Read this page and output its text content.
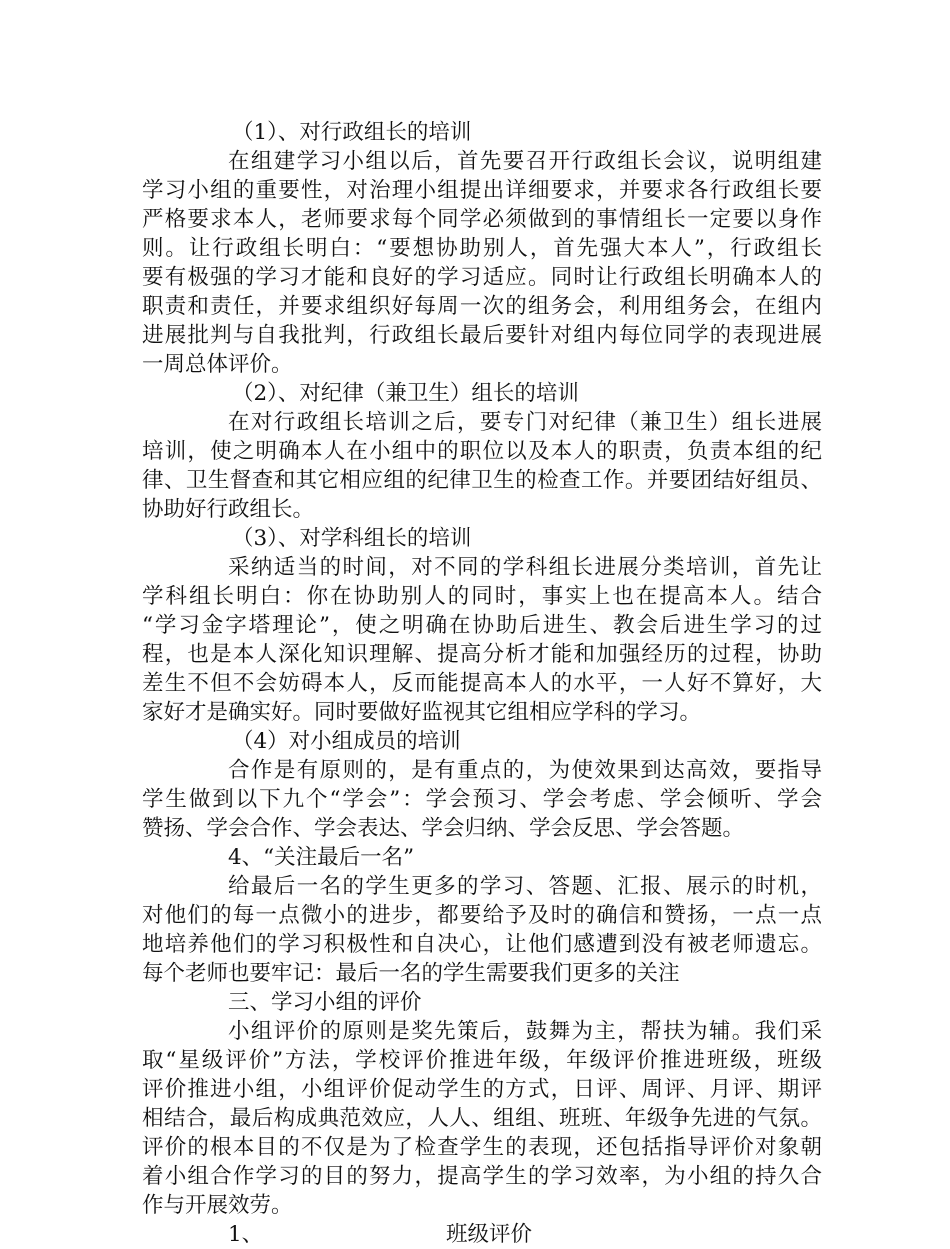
（1）、对行政组长的培训
在组建学习小组以后，首先要召开行政组长会议，说明组建
学习小组的重要性，对治理小组提出详细要求，并要求各行政组长要
严格要求本人，老师要求每个同学必须做到的事情组长一定要以身作
则。让行政组长明白：“要想协助别人，首先强大本人”，行政组长
要有极强的学习才能和良好的学习适应。同时让行政组长明确本人的
职责和责任，并要求组织好每周一次的组务会，利用组务会，在组内
进展批判与自我批判，行政组长最后要针对组内每位同学的表现进展
一周总体评价。
（2）、对纪律（兼卫生）组长的培训
在对行政组长培训之后，要专门对纪律（兼卫生）组长进展
培训，使之明确本人在小组中的职位以及本人的职责，负责本组的纪
律、卫生督查和其它相应组的纪律卫生的检查工作。并要团结好组员、
协助好行政组长。
（3）、对学科组长的培训
采纳适当的时间，对不同的学科组长进展分类培训，首先让
学科组长明白：你在协助别人的同时，事实上也在提高本人。结合
“学习金字塔理论”，使之明确在协助后进生、教会后进生学习的过
程，也是本人深化知识理解、提高分析才能和加强经历的过程，协助
差生不但不会妨碍本人，反而能提高本人的水平，一人好不算好，大
家好才是确实好。同时要做好监视其它组相应学科的学习。
（4）对小组成员的培训
合作是有原则的，是有重点的，为使效果到达高效，要指导
学生做到以下九个“学会”：学会预习、学会考虑、学会倾听、学会
赞扬、学会合作、学会表达、学会归纳、学会反思、学会答题。
4、“关注最后一名”
给最后一名的学生更多的学习、答题、汇报、展示的时机，
对他们的每一点微小的进步，都要给予及时的确信和赞扬，一点一点
地培养他们的学习积极性和自决心，让他们感遭到没有被老师遗忘。
每个老师也要牢记：最后一名的学生需要我们更多的关注
三、学习小组的评价
小组评价的原则是奖先策后，鼓舞为主，帮扶为辅。我们采
取“星级评价”方法，学校评价推进年级，年级评价推进班级，班级
评价推进小组，小组评价促动学生的方式，日评、周评、月评、期评
相结合，最后构成典范效应，人人、组组、班班、年级争先进的气氛。
评价的根本目的不仅是为了检查学生的表现，还包括指导评价对象朝
着小组合作学习的目的努力，提高学生的学习效率，为小组的持久合
作与开展效劳。
1、	班级评价
